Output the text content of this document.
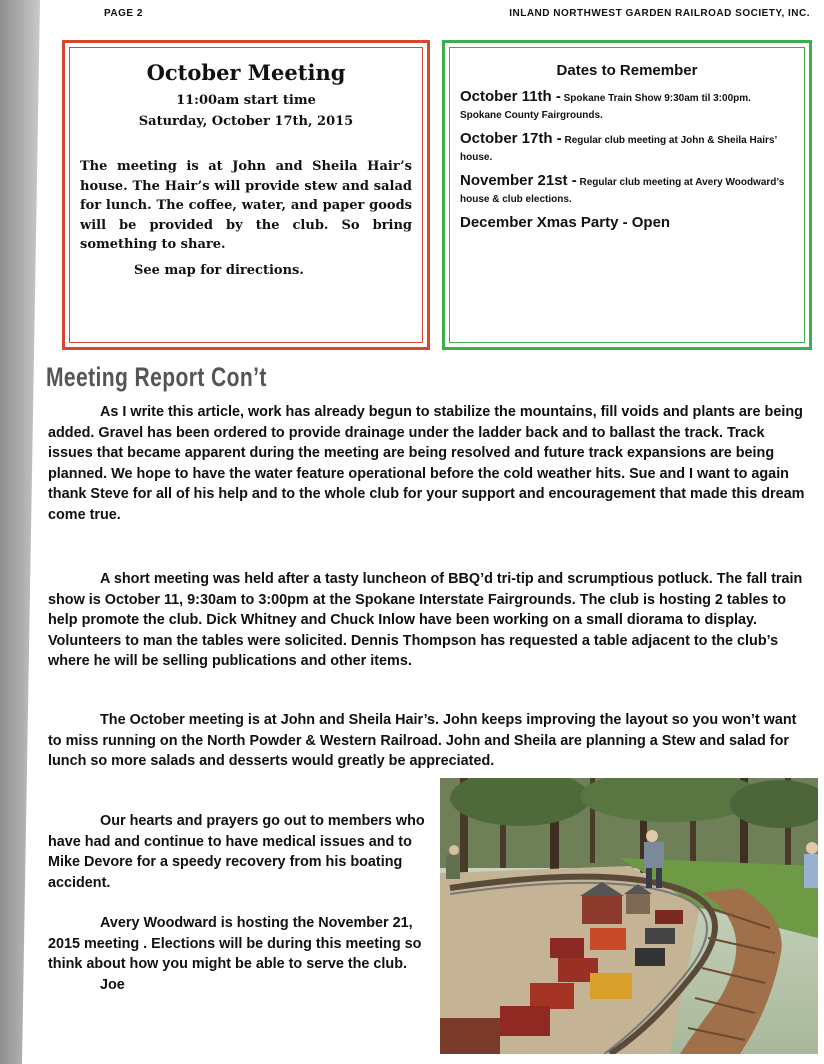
PAGE 2	INLAND NORTHWEST GARDEN RAILROAD SOCIETY, INC.
October Meeting
11:00am start time
Saturday, October 17th, 2015
The meeting is at John and Sheila Hair’s house. The Hair’s will provide stew and salad for lunch. The coffee, water, and paper goods will be provided by the club. So bring something to share.
See map for directions.
Dates to Remember
October 11th - Spokane Train Show 9:30am til 3:00pm. Spokane County Fairgrounds.
October 17th - Regular club meeting at John & Sheila Hairs’ house.
November 21st - Regular club meeting at Avery Woodward’s house & club elections.
December Xmas Party - Open
Meeting Report Con’t
As I write this article, work has already begun to stabilize the mountains, fill voids and plants are being added. Gravel has been ordered to provide drainage under the ladder back and to ballast the track. Track issues that became apparent during the meeting are being resolved and future track expansions are being planned. We hope to have the water feature operational before the cold weather hits. Sue and I want to again thank Steve for all of his help and to the whole club for your support and encouragement that made this dream come true.
A short meeting was held after a tasty luncheon of BBQ’d tri-tip and scrumptious potluck. The fall train show is October 11, 9:30am to 3:00pm at the Spokane Interstate Fairgrounds. The club is hosting 2 tables to help promote the club. Dick Whitney and Chuck Inlow have been working on a small diorama to display. Volunteers to man the tables were solicited. Dennis Thompson has requested a table adjacent to the club’s where he will be selling publications and other items.
The October meeting is at John and Sheila Hair’s. John keeps improving the layout so you won’t want to miss running on the North Powder & Western Railroad. John and Sheila are planning a Stew and salad for lunch so more salads and desserts would greatly be appreciated.
Our hearts and prayers go out to members who have had and continue to have medical issues and to Mike Devore for a speedy recovery from his boating accident.
Avery Woodward is hosting the November 21, 2015 meeting . Elections will be during this meeting so think about how you might be able to serve the club.
Joe
